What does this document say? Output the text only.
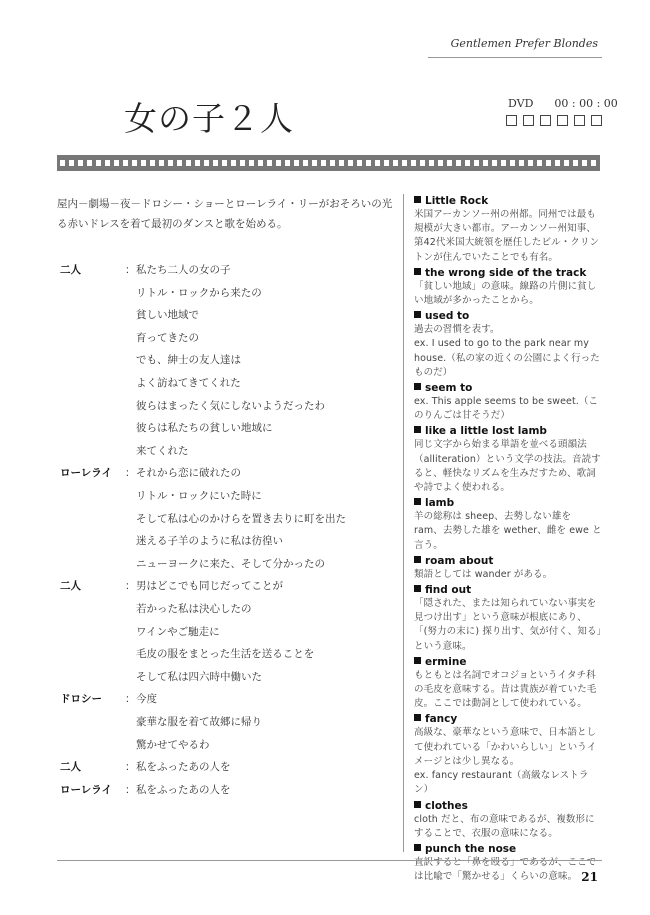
Gentlemen Prefer Blondes
女の子２人	DVD 00 : 00 : 00
屋内－劇場－夜－ドロシー・ショーとローレライ・リーがおそろいの光る赤いドレスを着て最初のダンスと歌を始める。
二人	： 私たち二人の女の子
リトル・ロックから来たの
貧しい地域で
育ってきたの
でも、紳士の友人達は
よく訪ねてきてくれた
彼らはまったく気にしないようだったわ
彼らは私たちの貧しい地域に
来てくれた
ローレライ ： それから恋に破れたの
リトル・ロックにいた時に
そして私は心のかけらを置き去りに町を出た
迷える子羊のように私は彷徨い
ニューヨークに来た、そして分かったの
二人	： 男はどこでも同じだってことが
若かった私は決心したの
ワインやご馳走に
毛皮の服をまとった生活を送ることを
そして私は四六時中働いた
ドロシー ： 今度
豪華な服を着て故郷に帰り
驚かせてやるわ
二人	： 私をふったあの人を
ローレライ ： 私をふったあの人を
Little Rock
米国アーカンソー州の州都。同州では最も規模が大きい都市。アーカンソー州知事、第42代米国大統領を歴任したビル・クリントンが住んでいたことでも有名。
the wrong side of the track
「貧しい地域」の意味。線路の片側に貧しい地域が多かったことから。
used to
過去の習慣を表す。
ex. I used to go to the park near my house.（私の家の近くの公園によく行ったものだ）
seem to
ex. This apple seems to be sweet.（このりんごは甘そうだ）
like a little lost lamb
同じ文字から始まる単語を並べる頭韻法（alliteration）という文学の技法。音読すると、軽快なリズムを生みだすため、歌詞や詩でよく使われる。
lamb
羊の総称は sheep、去勢しない雄を ram、去勢した雄を wether、雌を ewe と言う。
roam about
類語としては wander がある。
find out
「隠された、または知られていない事実を見つけ出す」という意味が根底にあり、「(努力の末に) 探り出す、気が付く、知る」という意味。
ermine
もともとは名詞でオコジョというイタチ科の毛皮を意味する。昔は貴族が着ていた毛皮。ここでは動詞として使われている。
fancy
高級な、豪華なという意味で、日本語として使われている「かわいらしい」というイメージとは少し異なる。
ex. fancy restaurant（高級なレストラン）
clothes
cloth だと、布の意味であるが、複数形にすることで、衣服の意味になる。
punch the nose
直訳すると「鼻を殴る」であるが、ここでは比喩で「驚かせる」くらいの意味。 21
